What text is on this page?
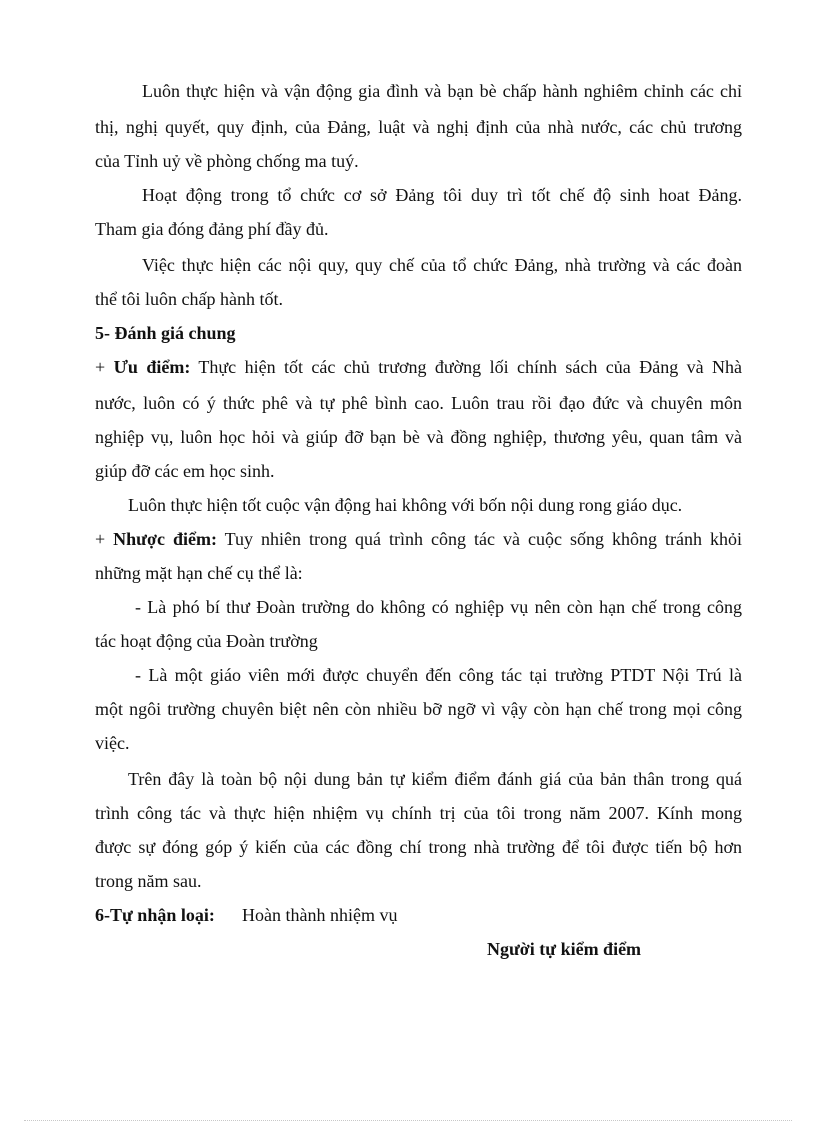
Luôn thực hiện và vận động gia đình và bạn bè chấp hành nghiêm chỉnh các chỉ
thị, nghị quyết, quy định, của Đảng, luật và nghị định của nhà nước, các chủ trương
của Tỉnh uỷ về phòng chống ma tuý.
Hoạt động trong tổ chức cơ sở Đảng tôi duy trì tốt chế độ sinh hoat Đảng.
Tham gia đóng đảng phí đầy đủ.
Việc thực hiện các nội quy, quy chế của tổ chức Đảng, nhà trường và các đoàn
thể tôi luôn chấp hành tốt.
5- Đánh giá chung
+ Ưu điểm: Thực hiện tốt các chủ trương đường lối chính sách của Đảng và Nhà
nước, luôn có ý thức phê và tự phê bình cao. Luôn trau rồi đạo đức và chuyên môn
nghiệp vụ, luôn học hỏi và giúp đỡ bạn bè và đồng nghiệp, thương yêu, quan tâm và
giúp đỡ các em học sinh.
Luôn thực hiện tốt cuộc vận động hai không với bốn nội dung rong giáo dục.
+ Nhược điểm: Tuy nhiên trong quá trình công tác và cuộc sống không tránh khỏi
những mặt hạn chế cụ thể là:
- Là phó bí thư Đoàn trường do không có nghiệp vụ nên còn hạn chế trong công
tác hoạt động của Đoàn trường
- Là một giáo viên mới được chuyển đến công tác tại trường PTDT Nội Trú là
một ngôi trường chuyên biệt nên còn nhiều bỡ ngỡ vì vậy còn hạn chế trong mọi công
việc.
Trên đây là toàn bộ nội dung bản tự kiểm điểm đánh giá của bản thân trong quá
trình công tác và thực hiện nhiệm vụ chính trị của tôi trong năm 2007. Kính mong
được sự đóng góp ý kiến của các đồng chí trong nhà trường để tôi được tiến bộ hơn
trong năm sau.
6-Tự nhận loại: Hoàn thành nhiệm vụ
Người tự kiểm điểm
